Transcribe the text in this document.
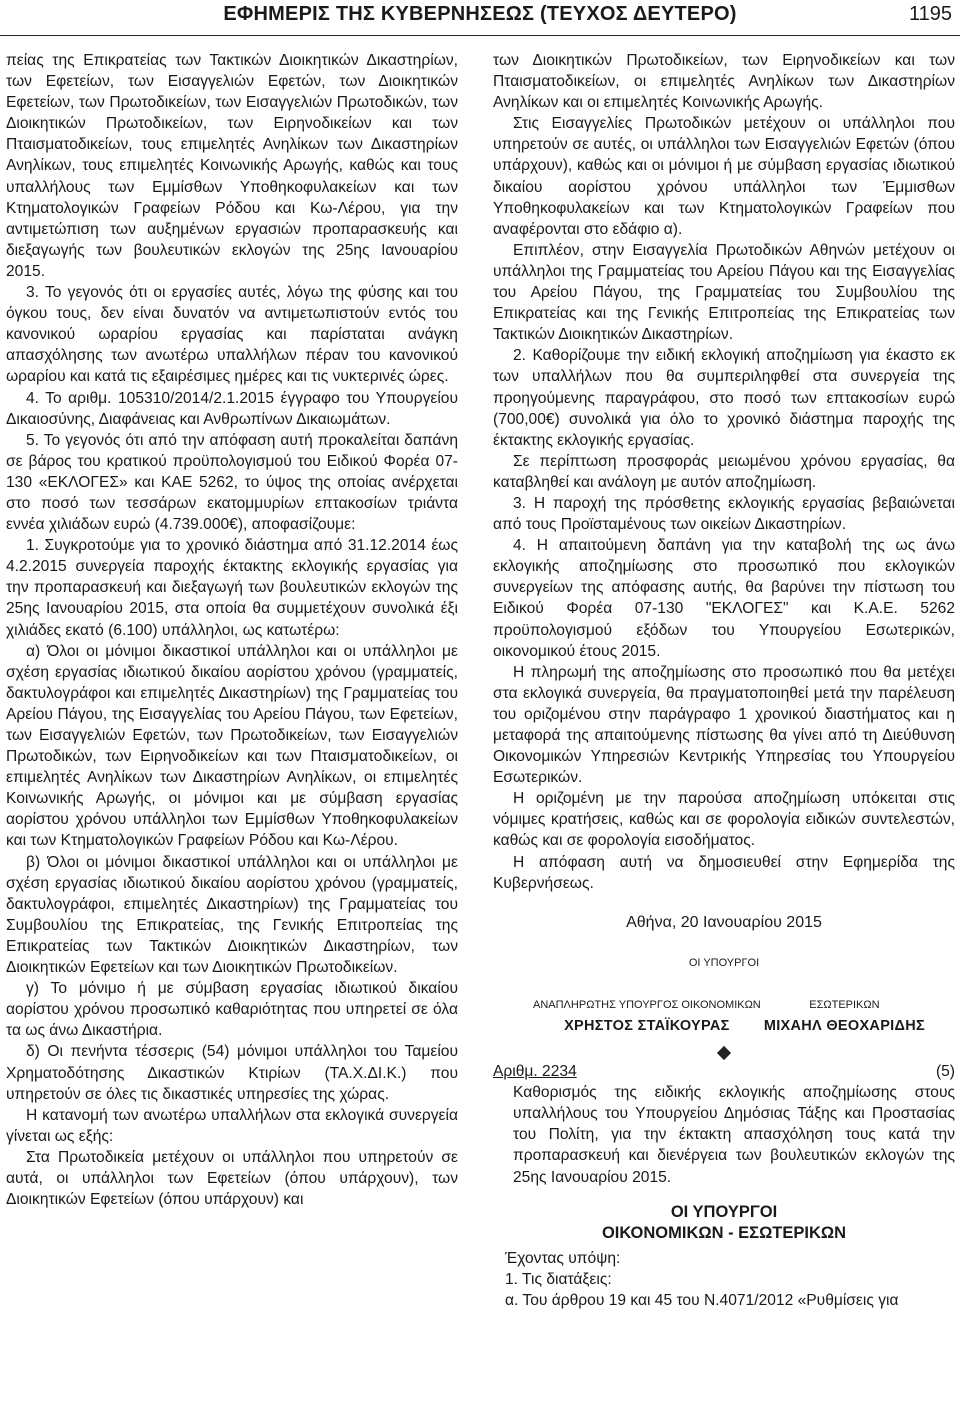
ΕΦΗΜΕΡΙΣ ΤΗΣ ΚΥΒΕΡΝΗΣΕΩΣ (ΤΕΥΧΟΣ ΔΕΥΤΕΡΟ)	1195

πείας της Επικρατείας των Τακτικών Διοικητικών Δικαστηρίων, των Εφετείων, των Εισαγγελιών Εφετών, των Διοικητικών Εφετείων, των Πρωτοδικείων, των Εισαγγελιών Πρωτοδικών, των Διοικητικών Πρωτοδικείων, των Ειρηνοδικείων και των Πταισματοδικείων, τους επιμελητές Ανηλίκων των Δικαστηρίων Ανηλίκων, τους επιμελητές Κοινωνικής Αρωγής, καθώς και τους υπαλλήλους των Εμμίσθων Υποθηκοφυλακείων και των Κτηματολογικών Γραφείων Ρόδου και Κω-Λέρου, για την αντιμετώπιση των αυξημένων εργασιών προπαρασκευής και διεξαγωγής των βουλευτικών εκλογών της 25ης Ιανουαρίου 2015.

3. Το γεγονός ότι οι εργασίες αυτές, λόγω της φύσης και του όγκου τους, δεν είναι δυνατόν να αντιμετωπιστούν εντός του κανονικού ωραρίου εργασίας και παρίσταται ανάγκη απασχόλησης των ανωτέρω υπαλλήλων πέραν του κανονικού ωραρίου και κατά τις εξαιρέσιμες ημέρες και τις νυκτερινές ώρες.

4. Το αριθμ. 105310/2014/2.1.2015 έγγραφο του Υπουργείου Δικαιοσύνης, Διαφάνειας και Ανθρωπίνων Δικαιωμάτων.

5. Το γεγονός ότι από την απόφαση αυτή προκαλείται δαπάνη σε βάρος του κρατικού προϋπολογισμού του Ειδικού Φορέα 07-130 «ΕΚΛΟΓΕΣ» και ΚΑΕ 5262, το ύψος της οποίας ανέρχεται στο ποσό των τεσσάρων εκατομμυρίων επτακοσίων τριάντα εννέα χιλιάδων ευρώ (4.739.000€), αποφασίζουμε:

1. Συγκροτούμε για το χρονικό διάστημα από 31.12.2014 έως 4.2.2015 συνεργεία παροχής έκτακτης εκλογικής εργασίας για την προπαρασκευή και διεξαγωγή των βουλευτικών εκλογών της 25ης Ιανουαρίου 2015, στα οποία θα συμμετέχουν συνολικά έξι χιλιάδες εκατό (6.100) υπάλληλοι, ως κατωτέρω:

α) Όλοι οι μόνιμοι δικαστικοί υπάλληλοι και οι υπάλληλοι με σχέση εργασίας ιδιωτικού δικαίου αορίστου χρόνου (γραμματείς, δακτυλογράφοι και επιμελητές Δικαστηρίων) της Γραμματείας του Αρείου Πάγου, της Εισαγγελίας του Αρείου Πάγου, των Εφετείων, των Εισαγγελιών Εφετών, των Πρωτοδικείων, των Εισαγγελιών Πρωτοδικών, των Ειρηνοδικείων και των Πταισματοδικείων, οι επιμελητές Ανηλίκων των Δικαστηρίων Ανηλίκων, οι επιμελητές Κοινωνικής Αρωγής, οι μόνιμοι και με σύμβαση εργασίας αορίστου χρόνου υπάλληλοι των Εμμίσθων Υποθηκοφυλακείων και των Κτηματολογικών Γραφείων Ρόδου και Κω-Λέρου.

β) Όλοι οι μόνιμοι δικαστικοί υπάλληλοι και οι υπάλληλοι με σχέση εργασίας ιδιωτικού δικαίου αορίστου χρόνου (γραμματείς, δακτυλογράφοι, επιμελητές Δικαστηρίων) της Γραμματείας του Συμβουλίου της Επικρατείας, της Γενικής Επιτροπείας της Επικρατείας των Τακτικών Διοικητικών Δικαστηρίων, των Διοικητικών Εφετείων και των Διοικητικών Πρωτοδικείων.

γ) Το μόνιμο ή με σύμβαση εργασίας ιδιωτικού δικαίου αορίστου χρόνου προσωπικό καθαριότητας που υπηρετεί σε όλα τα ως άνω Δικαστήρια.

δ) Οι πενήντα τέσσερις (54) μόνιμοι υπάλληλοι του Ταμείου Χρηματοδότησης Δικαστικών Κτιρίων (ΤΑ.Χ.ΔΙ.Κ.) που υπηρετούν σε όλες τις δικαστικές υπηρεσίες της χώρας.

Η κατανομή των ανωτέρω υπαλλήλων στα εκλογικά συνεργεία γίνεται ως εξής:

Στα Πρωτοδικεία μετέχουν οι υπάλληλοι που υπηρετούν σε αυτά, οι υπάλληλοι των Εφετείων (όπου υπάρχουν), των Διοικητικών Εφετείων (όπου υπάρχουν) και

των Διοικητικών Πρωτοδικείων, των Ειρηνοδικείων και των Πταισματοδικείων, οι επιμελητές Ανηλίκων των Δικαστηρίων Ανηλίκων και οι επιμελητές Κοινωνικής Αρωγής.

Στις Εισαγγελίες Πρωτοδικών μετέχουν οι υπάλληλοι που υπηρετούν σε αυτές, οι υπάλληλοι των Εισαγγελιών Εφετών (όπου υπάρχουν), καθώς και οι μόνιμοι ή με σύμβαση εργασίας ιδιωτικού δικαίου αορίστου χρόνου υπάλληλοι των Έμμισθων Υποθηκοφυλακείων και των Κτηματολογικών Γραφείων που αναφέρονται στο εδάφιο α).

Επιπλέον, στην Εισαγγελία Πρωτοδικών Αθηνών μετέχουν οι υπάλληλοι της Γραμματείας του Αρείου Πάγου και της Εισαγγελίας του Αρείου Πάγου, της Γραμματείας του Συμβουλίου της Επικρατείας και της Γενικής Επιτροπείας της Επικρατείας των Τακτικών Διοικητικών Δικαστηρίων.

2. Καθορίζουμε την ειδική εκλογική αποζημίωση για έκαστο εκ των υπαλλήλων που θα συμπεριληφθεί στα συνεργεία της προηγούμενης παραγράφου, στο ποσό των επτακοσίων ευρώ (700,00€) συνολικά για όλο το χρονικό διάστημα παροχής της έκτακτης εκλογικής εργασίας.

Σε περίπτωση προσφοράς μειωμένου χρόνου εργασίας, θα καταβληθεί και ανάλογη με αυτόν αποζημίωση.

3. Η παροχή της πρόσθετης εκλογικής εργασίας βεβαιώνεται από τους Προϊσταμένους των οικείων Δικαστηρίων.

4. Η απαιτούμενη δαπάνη για την καταβολή της ως άνω εκλογικής αποζημίωσης στο προσωπικό που εκλογικών συνεργείων της απόφασης αυτής, θα βαρύνει την πίστωση του Ειδικού Φορέα 07-130 "ΕΚΛΟΓΕΣ" και Κ.Α.Ε. 5262 προϋπολογισμού εξόδων του Υπουργείου Εσωτερικών, οικονομικού έτους 2015.

Η πληρωμή της αποζημίωσης στο προσωπικό που θα μετέχει στα εκλογικά συνεργεία, θα πραγματοποιηθεί μετά την παρέλευση του οριζομένου στην παράγραφο 1 χρονικού διαστήματος και η μεταφορά της απαιτούμενης πίστωσης θα γίνει από τη Διεύθυνση Οικονομικών Υπηρεσιών Κεντρικής Υπηρεσίας του Υπουργείου Εσωτερικών.

Η οριζομένη με την παρούσα αποζημίωση υπόκειται στις νόμιμες κρατήσεις, καθώς και σε φορολογία ειδικών συντελεστών, καθώς και σε φορολογία εισοδήματος.

Η απόφαση αυτή να δημοσιευθεί στην Εφημερίδα της Κυβερνήσεως.

Αθήνα, 20 Ιανουαρίου 2015
ΟΙ ΥΠΟΥΡΓΟΙ
ΑΝΑΠΛΗΡΩΤΗΣ ΥΠΟΥΡΓΟΣ ΟΙΚΟΝΟΜΙΚΩΝ
ΧΡΗΣΤΟΣ ΣΤΑΪΚΟΥΡΑΣ
ΕΣΩΤΕΡΙΚΩΝ
ΜΙΧΑΗΛ ΘΕΟΧΑΡΙΔΗΣ
Αριθμ. 2234	(5)

Καθορισμός της ειδικής εκλογικής αποζημίωσης στους υπαλλήλους του Υπουργείου Δημόσιας Τάξης και Προστασίας του Πολίτη, για την έκτακτη απασχόληση τους κατά την προπαρασκευή και διενέργεια των βουλευτικών εκλογών της 25ης Ιανουαρίου 2015.

ΟΙ ΥΠΟΥΡΓΟΙ
ΟΙΚΟΝΟΜΙΚΩΝ - ΕΣΩΤΕΡΙΚΩΝ

Έχοντας υπόψη:

1. Τις διατάξεις:

α. Του άρθρου 19 και 45 του Ν.4071/2012 «Ρυθμίσεις για
